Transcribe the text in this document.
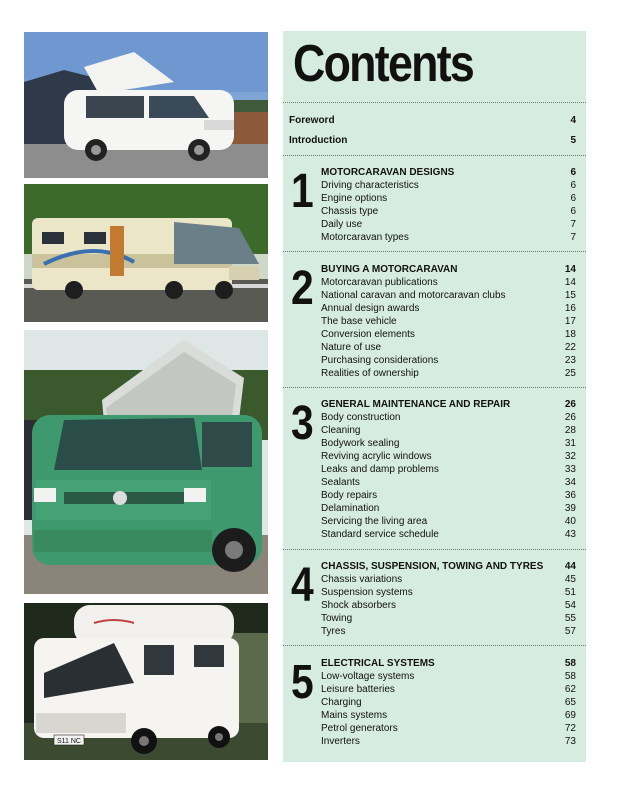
S11 NC
Contents
Foreword	4
Introduction	5
1 MOTORCARAVAN DESIGNS	6
Driving characteristics	6
Engine options	6
Chassis type	6
Daily use	7
Motorcaravan types	7
2 BUYING A MOTORCARAVAN	14
Motorcaravan publications	14
National caravan and motorcaravan clubs	15
Annual design awards	16
The base vehicle	17
Conversion elements	18
Nature of use	22
Purchasing considerations	23
Realities of ownership	25
3 GENERAL MAINTENANCE AND REPAIR	26
Body construction	26
Cleaning	28
Bodywork sealing	31
Reviving acrylic windows	32
Leaks and damp problems	33
Sealants	34
Body repairs	36
Delamination	39
Servicing the living area	40
Standard service schedule	43
4 CHASSIS, SUSPENSION, TOWING AND TYRES	44
Chassis variations	45
Suspension systems	51
Shock absorbers	54
Towing	55
Tyres	57
5 ELECTRICAL SYSTEMS	58
Low-voltage systems	58
Leisure batteries	62
Charging	65
Mains systems	69
Petrol generators	72
Inverters	73
